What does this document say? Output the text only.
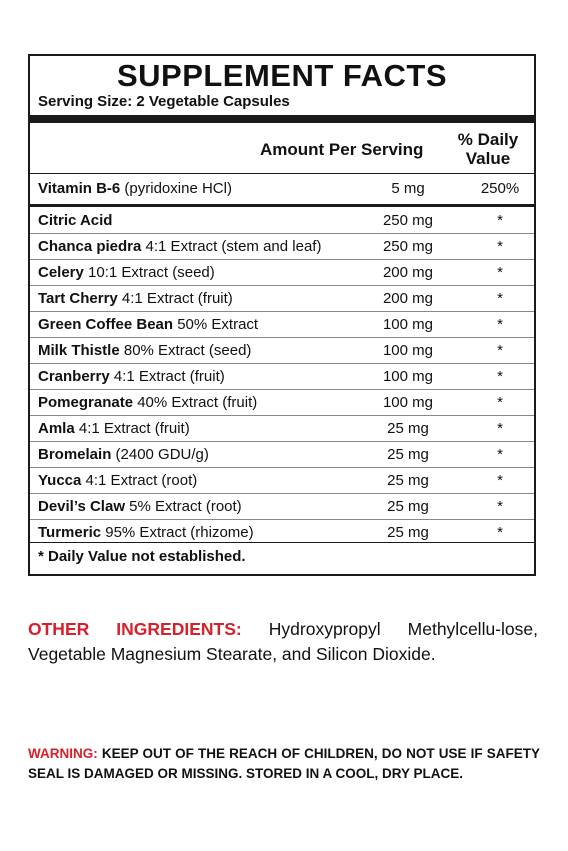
SUPPLEMENT FACTS
Serving Size: 2 Vegetable Capsules
Amount Per Serving
% Daily
Value
Vitamin B-6 (pyridoxine HCl)	5 mg	250%
Citric Acid	250 mg	*
Chanca piedra 4:1 Extract (stem and leaf)	250 mg	*
Celery 10:1 Extract (seed)	200 mg	*
Tart Cherry 4:1 Extract (fruit)	200 mg	*
Green Coffee Bean 50% Extract	100 mg	*
Milk Thistle 80% Extract (seed)	100 mg	*
Cranberry 4:1 Extract (fruit)	100 mg	*
Pomegranate 40% Extract (fruit)	100 mg	*
Amla 4:1 Extract (fruit)	25 mg	*
Bromelain (2400 GDU/g)	25 mg	*
Yucca 4:1 Extract (root)	25 mg	*
Devil’s Claw 5% Extract (root)	25 mg	*
Turmeric 95% Extract (rhizome)	25 mg	*
* Daily Value not established.
OTHER INGREDIENTS: Hydroxypropyl Methylcellu-lose, Vegetable Magnesium Stearate, and Silicon Dioxide.
WARNING: KEEP OUT OF THE REACH OF CHILDREN, DO NOT USE IF SAFETY SEAL IS DAMAGED OR MISSING. STORED IN A COOL, DRY PLACE.
